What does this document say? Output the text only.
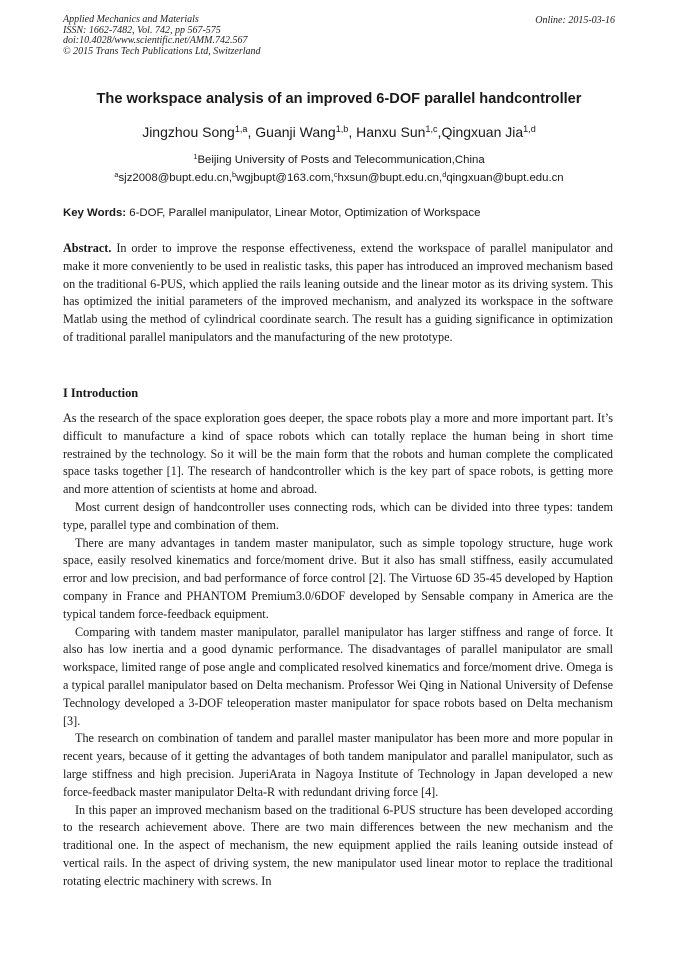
Applied Mechanics and Materials
ISSN: 1662-7482, Vol. 742, pp 567-575
doi:10.4028/www.scientific.net/AMM.742.567
© 2015 Trans Tech Publications Ltd, Switzerland
Online: 2015-03-16
The workspace analysis of an improved 6-DOF parallel handcontroller
Jingzhou Song$^{1,a}$, Guanji Wang$^{1,b}$, Hanxu Sun$^{1,c}$,Qingxuan Jia$^{1,d}$
$^1$Beijing University of Posts and Telecommunication,China
$^a$sjz2008@bupt.edu.cn,$^b$wgjbupt@163.com,$^c$hxsun@bupt.edu.cn,$^d$qingxuan@bupt.edu.cn
Key Words: 6-DOF, Parallel manipulator, Linear Motor, Optimization of Workspace

Abstract. In order to improve the response effectiveness, extend the workspace of parallel manipulator and make it more conveniently to be used in realistic tasks, this paper has introduced an improved mechanism based on the traditional 6-PUS, which applied the rails leaning outside and the linear motor as its driving system. This has optimized the initial parameters of the improved mechanism, and analyzed its workspace in the software Matlab using the method of cylindrical coordinate search. The result has a guiding significance in optimization of traditional parallel manipulators and the manufacturing of the new prototype.

I Introduction

As the research of the space exploration goes deeper, the space robots play a more and more important part. It’s difficult to manufacture a kind of space robots which can totally replace the human being in short time restrained by the technology. So it will be the main form that the robots and human complete the complicated space tasks together [1]. The research of handcontroller which is the key part of space robots, is getting more and more attention of scientists at home and abroad.

Most current design of handcontroller uses connecting rods, which can be divided into three types: tandem type, parallel type and combination of them.

There are many advantages in tandem master manipulator, such as simple topology structure, huge work space, easily resolved kinematics and force/moment drive. But it also has small stiffness, easily accumulated error and low precision, and bad performance of force control [2]. The Virtuose 6D 35-45 developed by Haption company in France and PHANTOM Premium3.0/6DOF developed by Sensable company in America are the typical tandem force-feedback equipment.

Comparing with tandem master manipulator, parallel manipulator has larger stiffness and range of force. It also has low inertia and a good dynamic performance. The disadvantages of parallel manipulator are small workspace, limited range of pose angle and complicated resolved kinematics and force/moment drive. Omega is a typical parallel manipulator based on Delta mechanism. Professor Wei Qing in National University of Defense Technology developed a 3-DOF teleoperation master manipulator for space robots based on Delta mechanism [3].

The research on combination of tandem and parallel master manipulator has been more and more popular in recent years, because of it getting the advantages of both tandem manipulator and parallel manipulator, such as large stiffness and high precision. JuperiArata in Nagoya Institute of Technology in Japan developed a new force-feedback master manipulator Delta-R with redundant driving force [4].

In this paper an improved mechanism based on the traditional 6-PUS structure has been developed according to the research achievement above. There are two main differences between the new mechanism and the traditional one. In the aspect of mechanism, the new equipment applied the rails leaning outside instead of vertical rails. In the aspect of driving system, the new manipulator used linear motor to replace the traditional rotating electric machinery with screws. In
